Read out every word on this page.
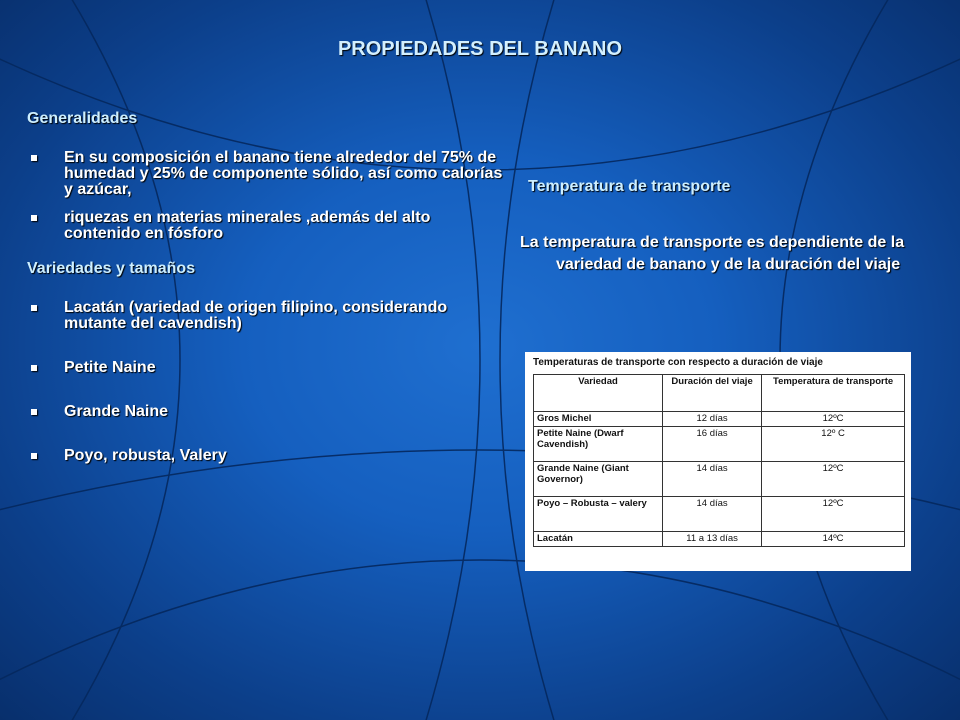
PROPIEDADES DEL BANANO
Generalidades
En su composición el banano tiene alrededor del 75% de humedad y 25% de componente sólido, así como calorías y azúcar,
riquezas en materias minerales ,además del alto contenido en fósforo
Variedades y tamaños
Lacatán (variedad de origen filipino, considerando mutante del cavendish)
Petite Naine
Grande Naine
Poyo, robusta, Valery
Temperatura de transporte
La temperatura de transporte es dependiente de la variedad de banano y de la duración del viaje
Temperaturas de transporte con respecto a duración de viaje
Variedad	Duración del viaje	Temperatura de transporte
Gros Michel	12 días	12ºC
Petite Naine (Dwarf Cavendish)	16 días	12º C
Grande Naine (Giant Governor)	14 días	12ºC
Poyo – Robusta – valery	14 días	12ºC
Lacatán	11 a 13 días	14ºC
